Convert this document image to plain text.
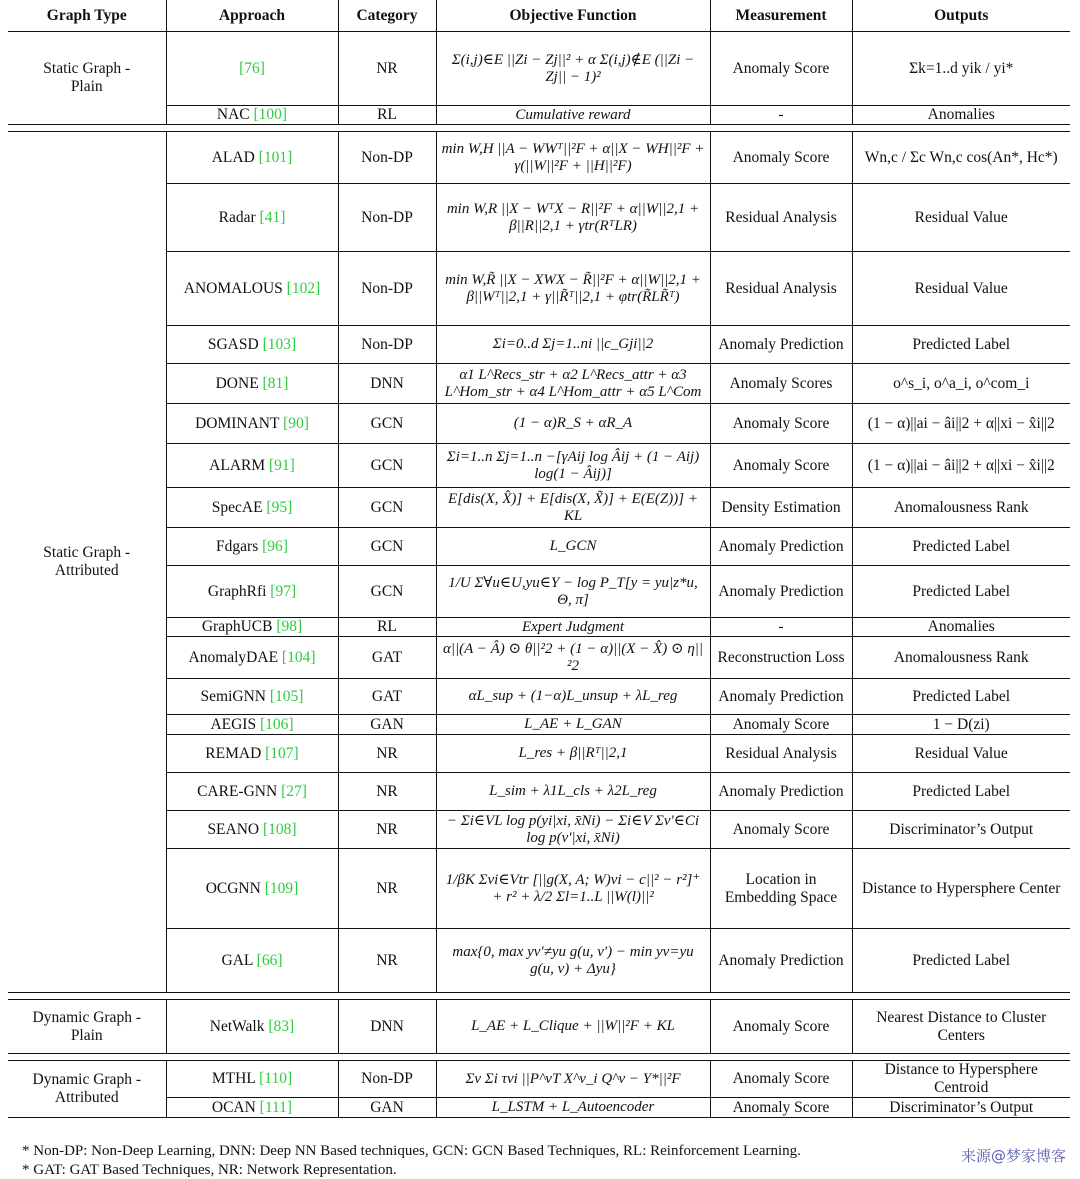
Graph Type	Approach	Category	Objective Function	Measurement	Outputs
Static Graph - Plain	[76]	NR	Σ(i,j)∈E ||Zi − Zj||² + α Σ(i,j)∉E (||Zi − Zj|| − 1)²	Anomaly Score	Σk=1..d yik / yi*
	NAC [100]	RL	Cumulative reward	-	Anomalies

Static Graph - Attributed	ALAD [101]	Non-DP	min W,H ||A − WWᵀ||²F + α||X − WH||²F + γ(||W||²F + ||H||²F)	Anomaly Score	Wn,c / Σc Wn,c cos(An*, Hc*)
	Radar [41]	Non-DP	min W,R ||X − WᵀX − R||²F + α||W||2,1 + β||R||2,1 + γtr(RᵀLR)	Residual Analysis	Residual Value
	ANOMALOUS [102]	Non-DP	min W,R̃ ||X − XWX − R̃||²F + α||W||2,1 + β||Wᵀ||2,1 + γ||R̃ᵀ||2,1 + φtr(R̃LR̃ᵀ)	Residual Analysis	Residual Value
	SGASD [103]	Non-DP	Σi=0..d Σj=1..ni ||c_Gji||2	Anomaly Prediction	Predicted Label
	DONE [81]	DNN	α1 L^Recs_str + α2 L^Recs_attr + α3 L^Hom_str + α4 L^Hom_attr + α5 L^Com	Anomaly Scores	o^s_i, o^a_i, o^com_i
	DOMINANT [90]	GCN	(1 − α)R_S + αR_A	Anomaly Score	(1 − α)||ai − âi||2 + α||xi − x̂i||2
	ALARM [91]	GCN	Σi=1..n Σj=1..n −[γAij log Âij + (1 − Aij) log(1 − Âij)]	Anomaly Score	(1 − α)||ai − âi||2 + α||xi − x̂i||2
	SpecAE [95]	GCN	E[dis(X, X̂)] + E[dis(X, X̃)] + E(E(Z))] + KL	Density Estimation	Anomalousness Rank
	Fdgars [96]	GCN	L_GCN	Anomaly Prediction	Predicted Label
	GraphRfi [97]	GCN	1/U Σ∀u∈U,yu∈Y − log P_T[y = yu|z*u, Θ, π]	Anomaly Prediction	Predicted Label
	GraphUCB [98]	RL	Expert Judgment	-	Anomalies
	AnomalyDAE [104]	GAT	α||(A − Â) ⊙ θ||²2 + (1 − α)||(X − X̂) ⊙ η||²2	Reconstruction Loss	Anomalousness Rank
	SemiGNN [105]	GAT	αL_sup + (1−α)L_unsup + λL_reg	Anomaly Prediction	Predicted Label
	AEGIS [106]	GAN	L_AE + L_GAN	Anomaly Score	1 − D(zi)
	REMAD [107]	NR	L_res + β||Rᵀ||2,1	Residual Analysis	Residual Value
	CARE-GNN [27]	NR	L_sim + λ1L_cls + λ2L_reg	Anomaly Prediction	Predicted Label
	SEANO [108]	NR	− Σi∈VL log p(yi|xi, x̄Ni) − Σi∈V Σv'∈Ci log p(v'|xi, x̄Ni)	Anomaly Score	Discriminator’s Output
	OCGNN [109]	NR	1/βK Σvi∈Vtr [||g(X, A; W)vi − c||² − r²]⁺ + r² + λ/2 Σl=1..L ||W(l)||²	Location in Embedding Space	Distance to Hypersphere Center
	GAL [66]	NR	max{0, max yv'≠yu g(u, v') − min yv=yu g(u, v) + Δyu}	Anomaly Prediction	Predicted Label

Dynamic Graph - Plain	NetWalk [83]	DNN	L_AE + L_Clique + ||W||²F + KL	Anomaly Score	Nearest Distance to Cluster Centers

Dynamic Graph - Attributed	MTHL [110]	Non-DP	Σv Σi τvi ||P^vT X^v_i Q^v − Y*||²F	Anomaly Score	Distance to Hypersphere Centroid
	OCAN [111]	GAN	L_LSTM + L_Autoencoder	Anomaly Score	Discriminator’s Output

* Non-DP: Non-Deep Learning, DNN: Deep NN Based techniques, GCN: GCN Based Techniques, RL: Reinforcement Learning.
* GAT: GAT Based Techniques, NR: Network Representation.
来源@梦家博客
